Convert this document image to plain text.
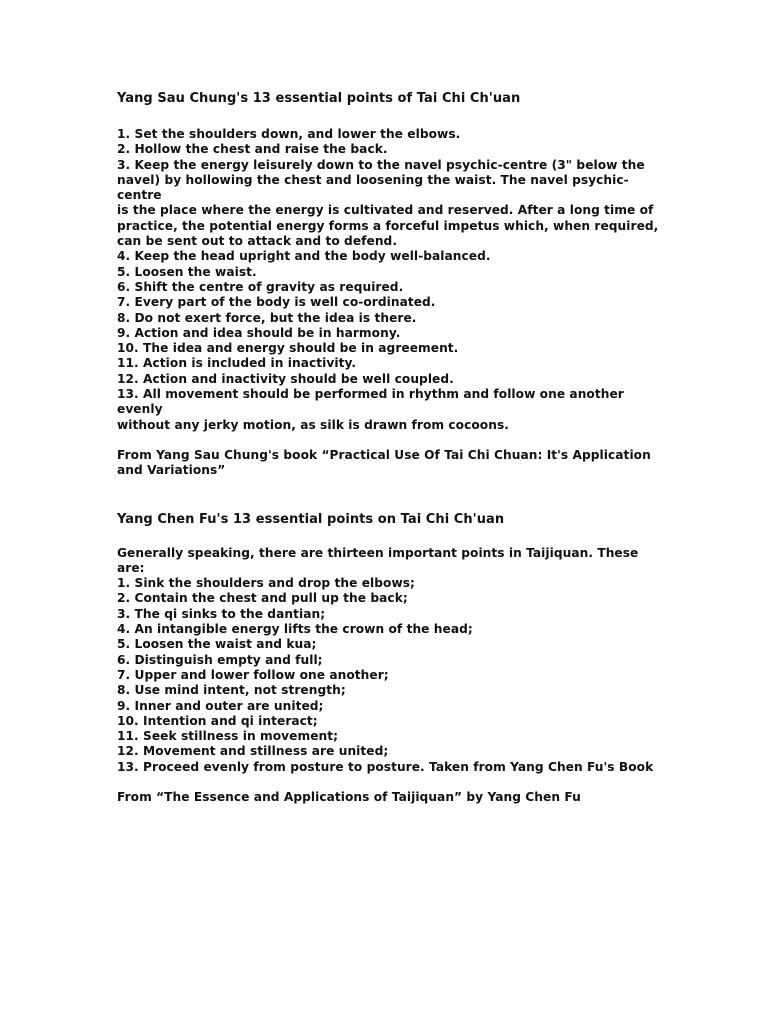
Yang Sau Chung's 13 essential points of Tai Chi Ch'uan
1. Set the shoulders down, and lower the elbows.
2. Hollow the chest and raise the back.
3. Keep the energy leisurely down to the navel psychic-centre (3" below the
navel) by hollowing the chest and loosening the waist. The navel psychic-centre
is the place where the energy is cultivated and reserved. After a long time of
practice, the potential energy forms a forceful impetus which, when required,
can be sent out to attack and to defend.
4. Keep the head upright and the body well-balanced.
5. Loosen the waist.
6. Shift the centre of gravity as required.
7. Every part of the body is well co-ordinated.
8. Do not exert force, but the idea is there.
9. Action and idea should be in harmony.
10. The idea and energy should be in agreement.
11. Action is included in inactivity.
12. Action and inactivity should be well coupled.
13. All movement should be performed in rhythm and follow one another evenly
without any jerky motion, as silk is drawn from cocoons.

From Yang Sau Chung's book “Practical Use Of Tai Chi Chuan: It's Application

and Variations”

Yang Chen Fu's 13 essential points on Tai Chi Ch'uan
Generally speaking, there are thirteen important points in Taijiquan. These are:
1. Sink the shoulders and drop the elbows;
2. Contain the chest and pull up the back;
3. The qi sinks to the dantian;
4. An intangible energy lifts the crown of the head;
5. Loosen the waist and kua;
6. Distinguish empty and full;
7. Upper and lower follow one another;
8. Use mind intent, not strength;
9. Inner and outer are united;
10. Intention and qi interact;
11. Seek stillness in movement;
12. Movement and stillness are united;
13. Proceed evenly from posture to posture. Taken from Yang Chen Fu's Book

From “The Essence and Applications of Taijiquan” by Yang Chen Fu
